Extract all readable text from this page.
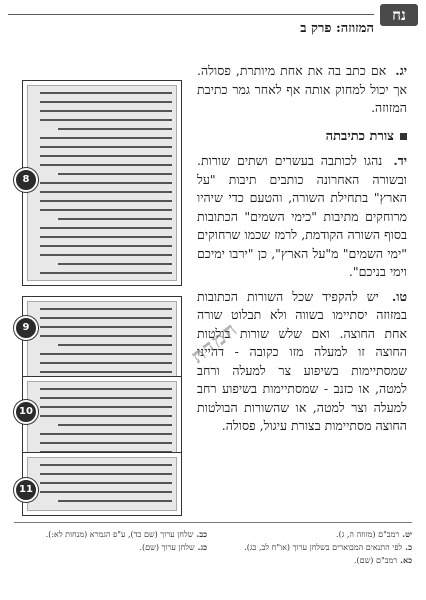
נח
המזוזה: פרק ב
8
9
10
11

יג. אם כתב בה את אחת מיותרת, פסולה. אך יכול למחוק אותה אף לאחר גמר כתיבת המזוזה.

צורת כתיבתה

יד. נהגו לכותבה בעשרים ושתים שורות. ובשורה האחרונה כותבים תיבות "על הארץ" בתחילת השורה, והטעם כדי שיהיו מרוחקים מתיבות "כימי השמים" הכתובות בסוף השורה הקודמת, לרמז שכמו שרחוקים "ימי השמים" מ"על הארץ", כן "ירבו ימיכם וימי בניכם".

טו. יש להקפיד שכל השורות הכתובות במזוזה יסתיימו בשווה ולא תבלוט שורה אחת החוצה. ואם שלש שורות בולטות החוצה זו למעלה מזו כקובה - דהיינו שמסתיימות בשיפוע צר למעלה ורחב למטה, או כזנב - שמסתיימות בשיפוע רחב למעלה וצר למטה, או שהשורות הבולטות החוצה מסתיימות בצורת עיגול, פסולה.

חמדת
יט.רמב"ם (מזוזה ה, ג).
כ.לפי התנאים המבוארים בשלחן ערוך (או"ח לב, כג).
כא.רמב"ם (שם).
כב.שלחן ערוך (שם כד), ע"פ הגמרא (מנחות לא:).
כג.שלחן ערוך (שם).
